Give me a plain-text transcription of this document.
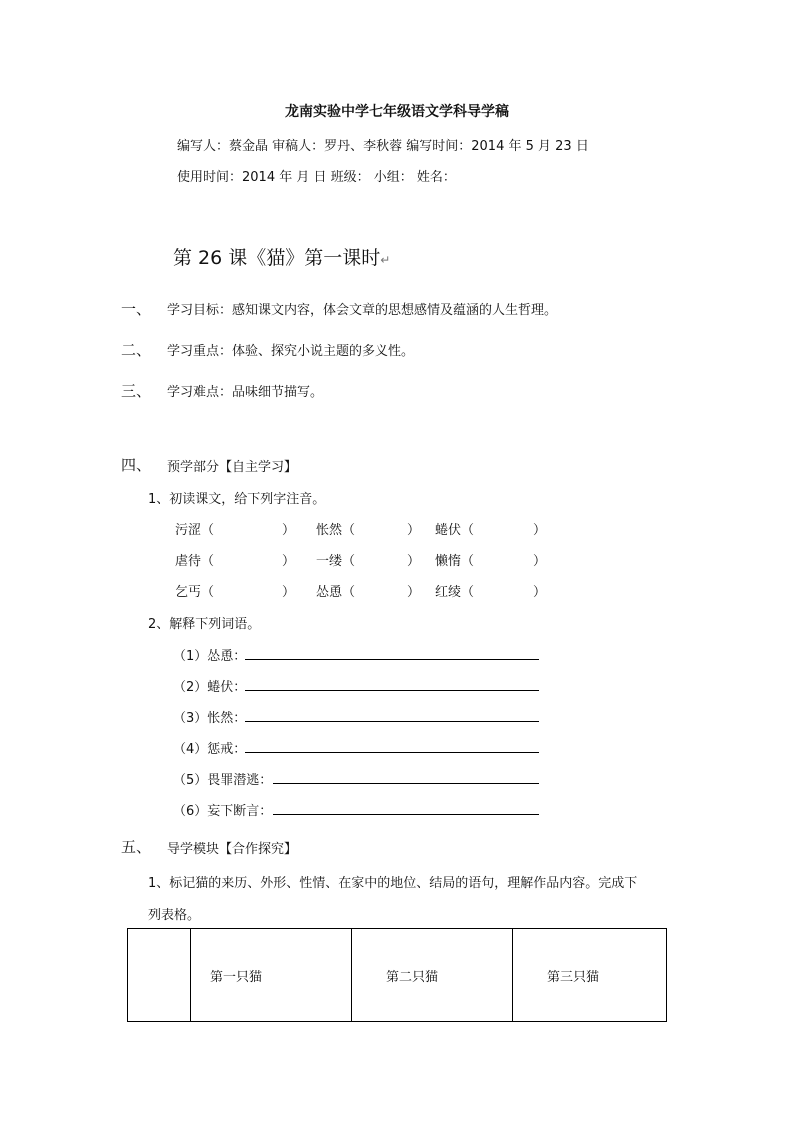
龙南实验中学七年级语文学科导学稿
编写人：蔡金晶 审稿人：罗丹、李秋蓉 编写时间：2014 年 5 月 23 日
使用时间：2014 年 月 日 班级： 小组： 姓名：
第 26 课《猫》第一课时↵
一、 学习目标：感知课文内容，体会文章的思想感情及蕴涵的人生哲理。
二、 学习重点：体验、探究小说主题的多义性。
三、 学习难点：品味细节描写。
四、 预学部分【自主学习】
1、初读课文，给下列字注音。
污涩（	） 怅然（	） 蜷伏（	）
虐待（	） 一缕（	） 懒惰（	）
乞丐（	） 怂恿（	） 红绫（	）
2、解释下列词语。
（1）怂恿：
（2）蜷伏：
（3）怅然：
（4）惩戒：
（5）畏罪潜逃：
（6）妄下断言：
五、 导学模块【合作探究】
1、标记猫的来历、外形、性情、在家中的地位、结局的语句，理解作品内容。完成下
列表格。
	第一只猫	第二只猫	第三只猫
